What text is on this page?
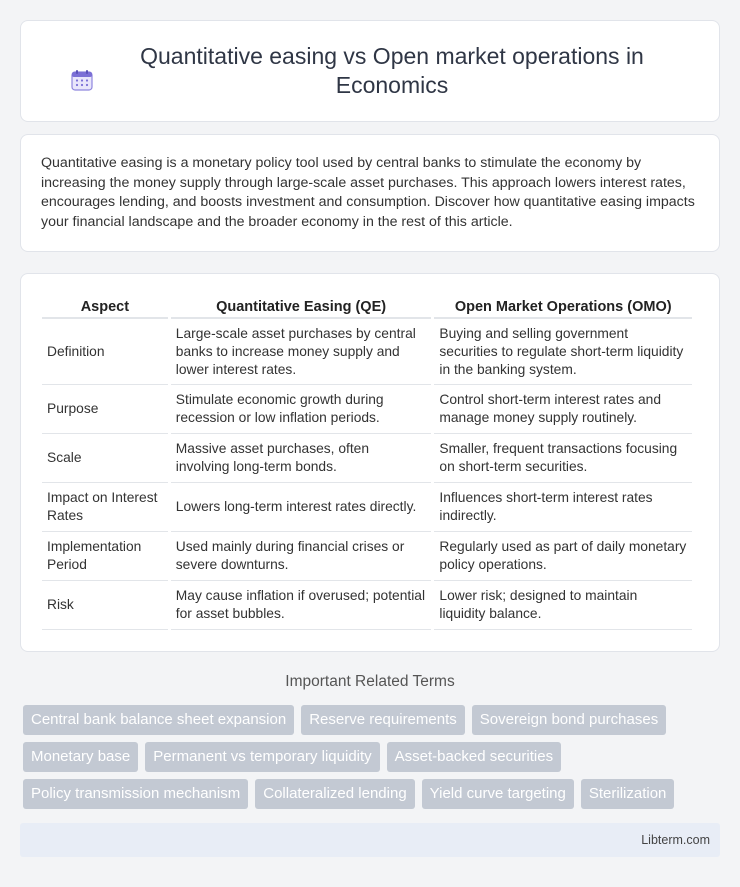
Quantitative easing vs Open market operations in Economics

Quantitative easing is a monetary policy tool used by central banks to stimulate the economy by increasing the money supply through large-scale asset purchases. This approach lowers interest rates, encourages lending, and boosts investment and consumption. Discover how quantitative easing impacts your financial landscape and the broader economy in the rest of this article.

Aspect	Quantitative Easing (QE)	Open Market Operations (OMO)
Definition	Large-scale asset purchases by central banks to increase money supply and lower interest rates.	Buying and selling government securities to regulate short-term liquidity in the banking system.
Purpose	Stimulate economic growth during recession or low inflation periods.	Control short-term interest rates and manage money supply routinely.
Scale	Massive asset purchases, often involving long-term bonds.	Smaller, frequent transactions focusing on short-term securities.
Impact on Interest Rates	Lowers long-term interest rates directly.	Influences short-term interest rates indirectly.
Implementation Period	Used mainly during financial crises or severe downturns.	Regularly used as part of daily monetary policy operations.
Risk	May cause inflation if overused; potential for asset bubbles.	Lower risk; designed to maintain liquidity balance.
Important Related Terms
Central bank balance sheet expansion	Reserve requirements	Sovereign bond purchases
Monetary base	Permanent vs temporary liquidity	Asset-backed securities
Policy transmission mechanism	Collateralized lending	Yield curve targeting	Sterilization
Libterm.com
